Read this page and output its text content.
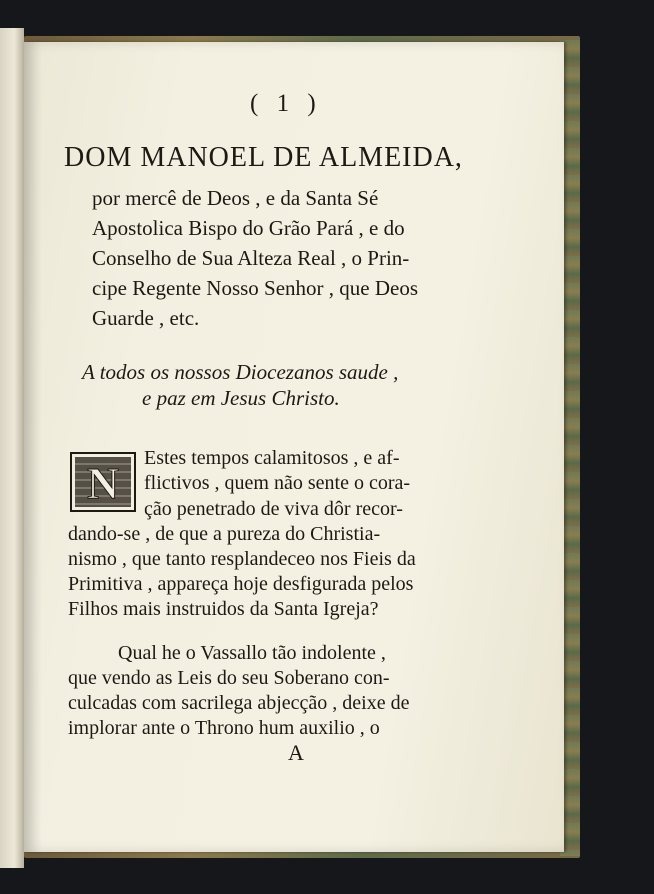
( 1 )

DOM MANOEL DE ALMEIDA,

por mercê de Deos , e da Santa Sé

Apostolica Bispo do Grão Pará , e do

Conselho de Sua Alteza Real , o Prin-

cipe Regente Nosso Senhor , que Deos

Guarde , etc.

A todos os nossos Diocezanos saude ,

e paz em Jesus Christo.

N

Estes tempos calamitosos , e af-

flictivos , quem não sente o cora-

ção penetrado de viva dôr recor-

dando-se , de que a pureza do Christia-

nismo , que tanto resplandeceo nos Fieis da

Primitiva , appareça hoje desfigurada pelos

Filhos mais instruidos da Santa Igreja?

Qual he o Vassallo tão indolente ,

que vendo as Leis do seu Soberano con-

culcadas com sacrilega abjecção , deixe de

implorar ante o Throno hum auxilio , o

A
